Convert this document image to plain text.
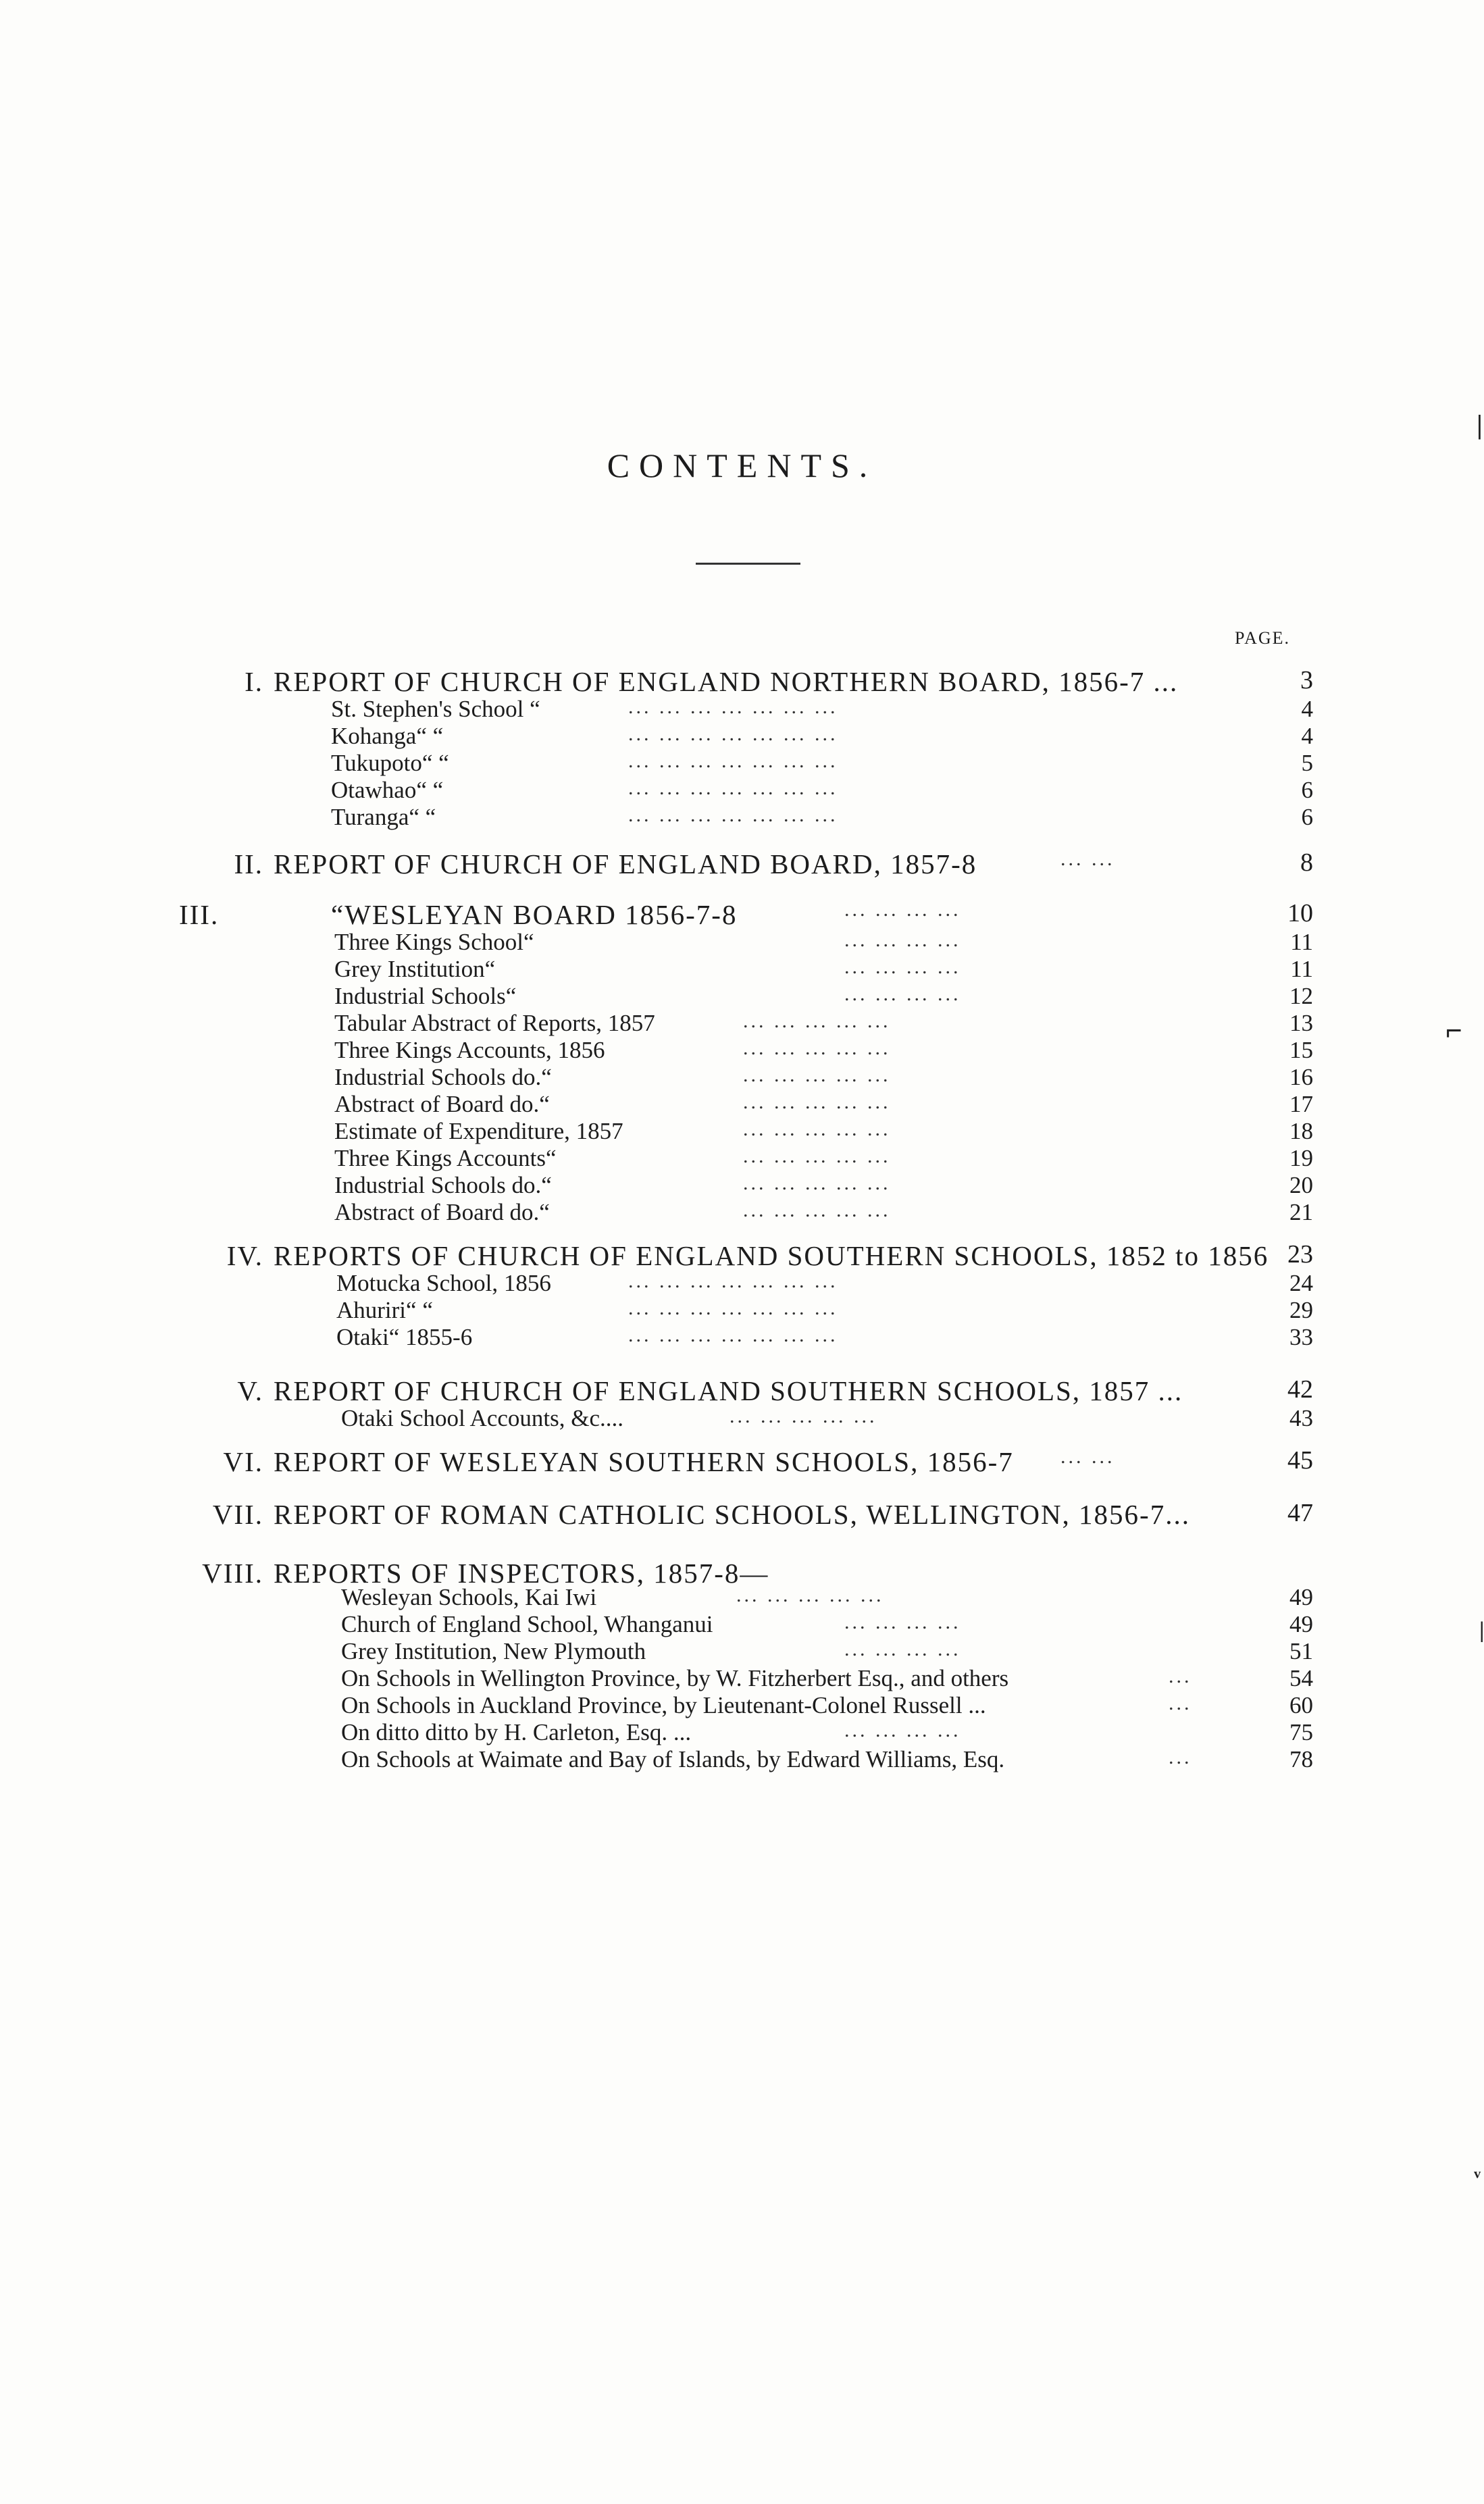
CONTENTS.
PAGE.
I. REPORT OF CHURCH OF ENGLAND NORTHERN BOARD, 1856-7 ...	3
St. Stephen's School “	... ... ... ... ... ... ...	4
Kohanga“ “	... ... ... ... ... ... ...	4
Tukupoto“ “	... ... ... ... ... ... ...	5
Otawhao“ “	... ... ... ... ... ... ...	6
Turanga“ “	... ... ... ... ... ... ...	6
II. REPORT OF CHURCH OF ENGLAND BOARD, 1857-8	... ...	8
III.	“WESLEYAN BOARD 1856-7-8	... ... ... ...	10
Three Kings School“	... ... ... ...	11
Grey Institution“	... ... ... ...	11
Industrial Schools“	... ... ... ...	12
Tabular Abstract of Reports, 1857	... ... ... ... ...	13
Three Kings Accounts, 1856	... ... ... ... ...	15
Industrial Schools do.“	... ... ... ... ...	16
Abstract of Board do.“	... ... ... ... ...	17
Estimate of Expenditure, 1857	... ... ... ... ...	18
Three Kings Accounts“	... ... ... ... ...	19
Industrial Schools do.“	... ... ... ... ...	20
Abstract of Board do.“	... ... ... ... ...	21
IV. REPORTS OF CHURCH OF ENGLAND SOUTHERN SCHOOLS, 1852 to 1856 23
Motucka School, 1856	... ... ... ... ... ... ...	24
Ahuriri“ “	... ... ... ... ... ... ...	29
Otaki“ 1855-6	... ... ... ... ... ... ...	33
V. REPORT OF CHURCH OF ENGLAND SOUTHERN SCHOOLS, 1857 ...	42
Otaki School Accounts, &c....	... ... ... ... ...	43
VI. REPORT OF WESLEYAN SOUTHERN SCHOOLS, 1856-7 ... ...	45
VII. REPORT OF ROMAN CATHOLIC SCHOOLS, WELLINGTON, 1856-7...	47
VIII. REPORTS OF INSPECTORS, 1857-8—
Wesleyan Schools, Kai Iwi	... ... ... ... ...	49
Church of England School, Whanganui	... ... ... ...	49
Grey Institution, New Plymouth	... ... ... ...	51
On Schools in Wellington Province, by W. Fitzherbert Esq., and others	...	54
On Schools in Auckland Province, by Lieutenant-Colonel Russell ...	...	60
On ditto ditto by H. Carleton, Esq. ...	... ... ... ...	75
On Schools at Waimate and Bay of Islands, by Edward Williams, Esq.	...	78
|
⌐
|
ᵛ
